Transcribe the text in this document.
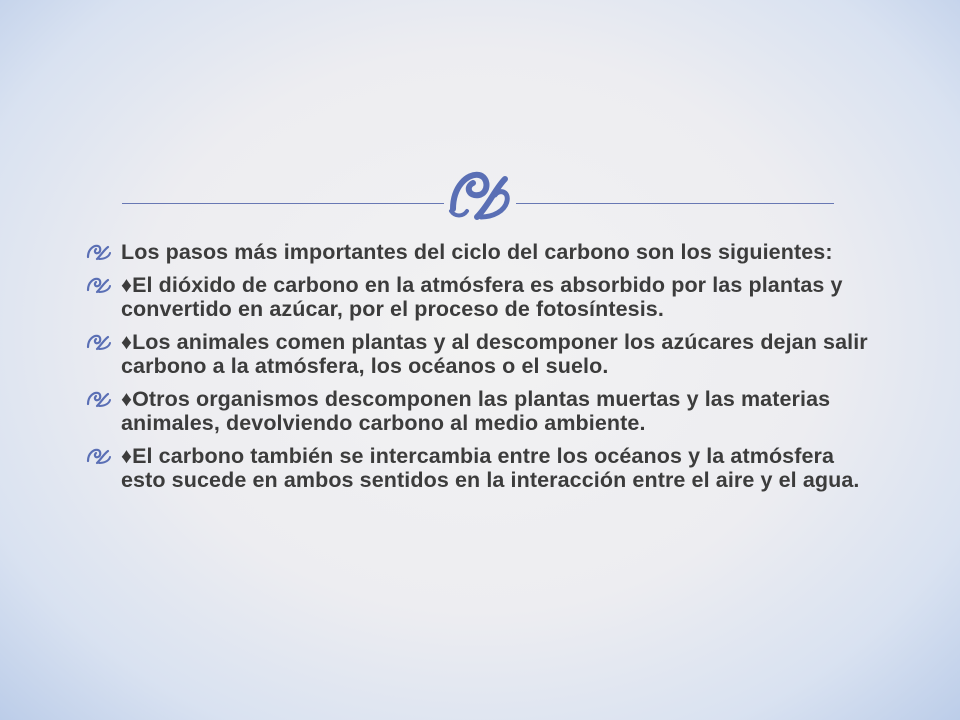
Los pasos más importantes del ciclo del carbono son los siguientes:
♦El dióxido de carbono en la atmósfera es absorbido por las plantas y convertido en azúcar, por el proceso de fotosíntesis.
♦Los animales comen plantas y al descomponer los azúcares dejan salir carbono a la atmósfera, los océanos o el suelo.
♦Otros organismos descomponen las plantas muertas y las materias animales, devolviendo carbono al medio ambiente.
♦El carbono también se intercambia entre los océanos y la atmósfera esto sucede en ambos sentidos en la interacción entre el aire y el agua.
